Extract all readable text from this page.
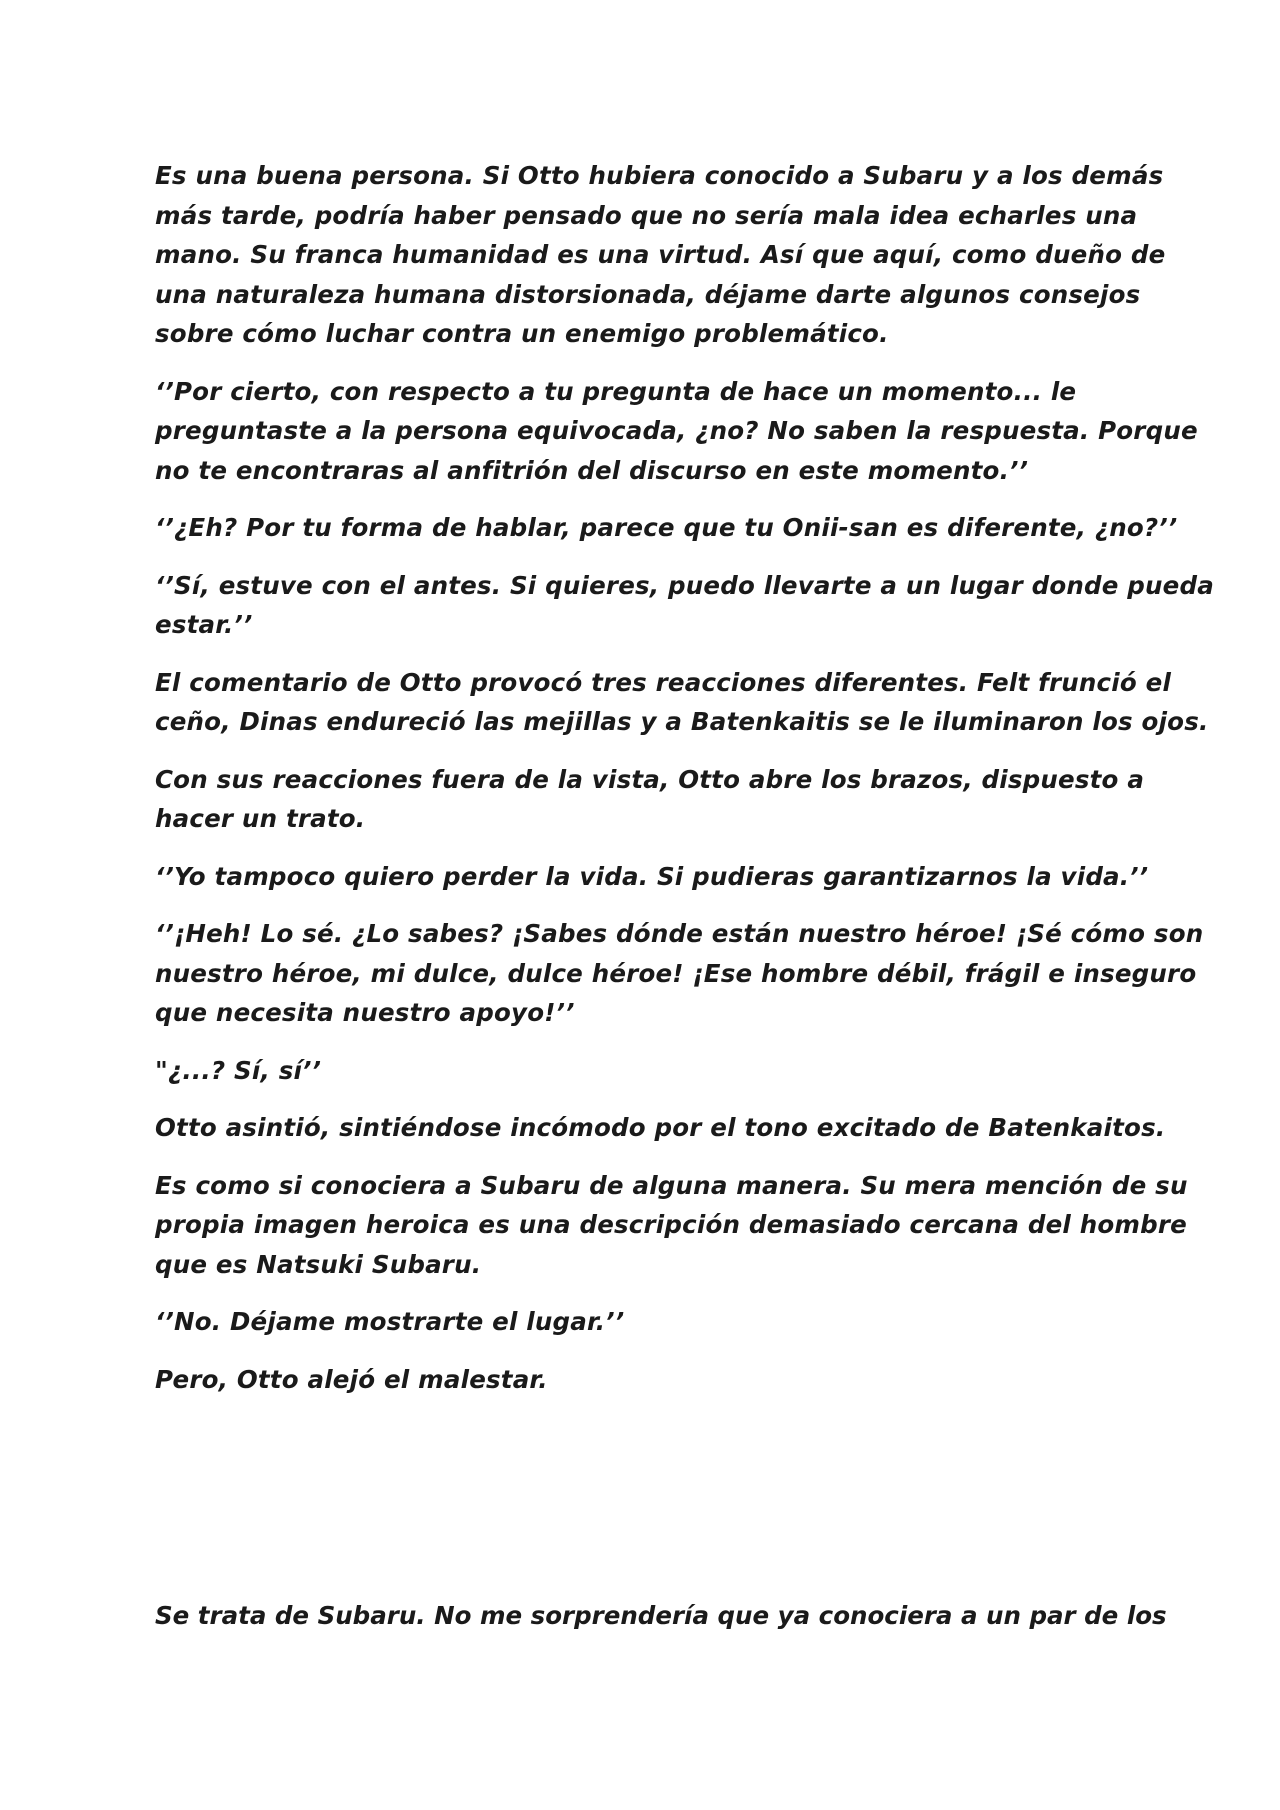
Es una buena persona. Si Otto hubiera conocido a Subaru y a los demás
más tarde, podría haber pensado que no sería mala idea echarles una
mano. Su franca humanidad es una virtud. Así que aquí, como dueño de
una naturaleza humana distorsionada, déjame darte algunos consejos
sobre cómo luchar contra un enemigo problemático.

‘’Por cierto, con respecto a tu pregunta de hace un momento... le
preguntaste a la persona equivocada, ¿no? No saben la respuesta. Porque
no te encontraras al anfitrión del discurso en este momento.’’

‘’¿Eh? Por tu forma de hablar, parece que tu Onii-san es diferente, ¿no?’’

‘’Sí, estuve con el antes. Si quieres, puedo llevarte a un lugar donde pueda
estar.’’

El comentario de Otto provocó tres reacciones diferentes. Felt frunció el
ceño, Dinas endureció las mejillas y a Batenkaitis se le iluminaron los ojos.

Con sus reacciones fuera de la vista, Otto abre los brazos, dispuesto a
hacer un trato.

‘’Yo tampoco quiero perder la vida. Si pudieras garantizarnos la vida.’’

‘’¡Heh! Lo sé. ¿Lo sabes? ¡Sabes dónde están nuestro héroe! ¡Sé cómo son
nuestro héroe, mi dulce, dulce héroe! ¡Ese hombre débil, frágil e inseguro
que necesita nuestro apoyo!’’

"¿...? Sí, sí’’

Otto asintió, sintiéndose incómodo por el tono excitado de Batenkaitos.

Es como si conociera a Subaru de alguna manera. Su mera mención de su
propia imagen heroica es una descripción demasiado cercana del hombre
que es Natsuki Subaru.

‘’No. Déjame mostrarte el lugar.’’

Pero, Otto alejó el malestar.

Se trata de Subaru. No me sorprendería que ya conociera a un par de los
